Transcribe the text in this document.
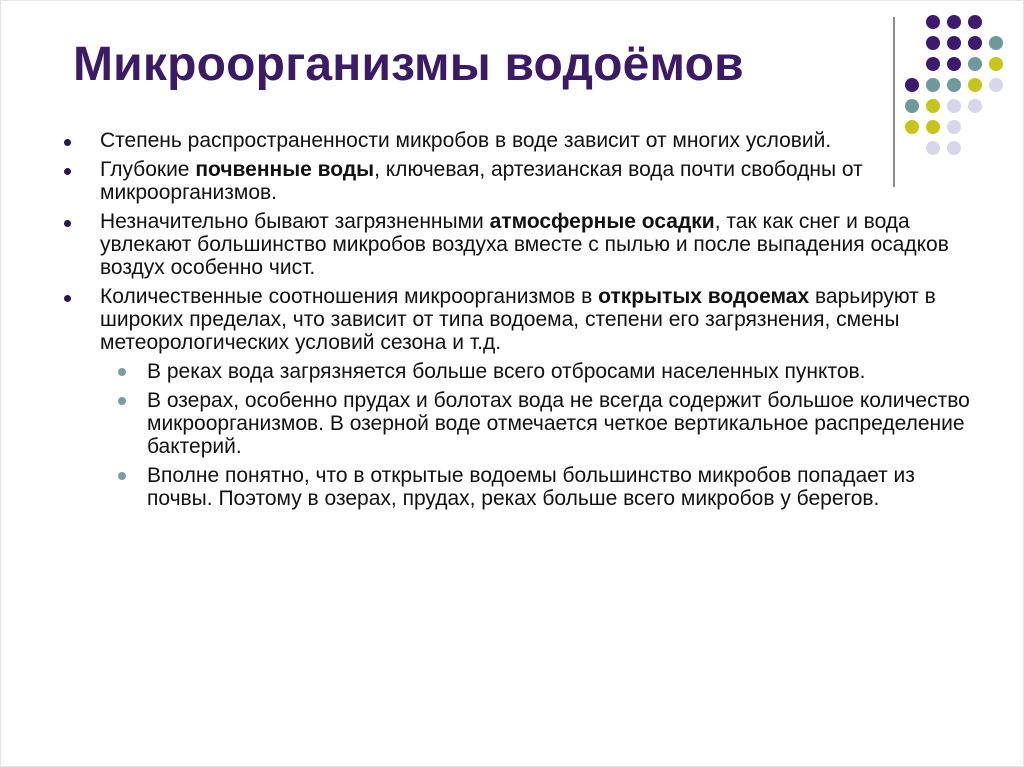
Микроорганизмы водоёмов
Степень распространенности микробов в воде зависит от многих условий.
Глубокие почвенные воды, ключевая, артезианская вода почти свободны от микроорганизмов.
Незначительно бывают загрязненными атмосферные осадки, так как снег и вода увлекают большинство микробов воздуха вместе с пылью и после выпадения осадков воздух особенно чист.
Количественные соотношения микроорганизмов в открытых водоемах варьируют в широких пределах, что зависит от типа водоема, степени его загрязнения, смены метеорологических условий сезона и т.д.
В реках вода загрязняется больше всего отбросами населенных пунктов.
В озерах, особенно прудах и болотах вода не всегда содержит большое количество микроорганизмов. В озерной воде отмечается четкое вертикальное распределение бактерий.
Вполне понятно, что в открытые водоемы большинство микробов попадает из почвы. Поэтому в озерах, прудах, реках больше всего микробов у берегов.
